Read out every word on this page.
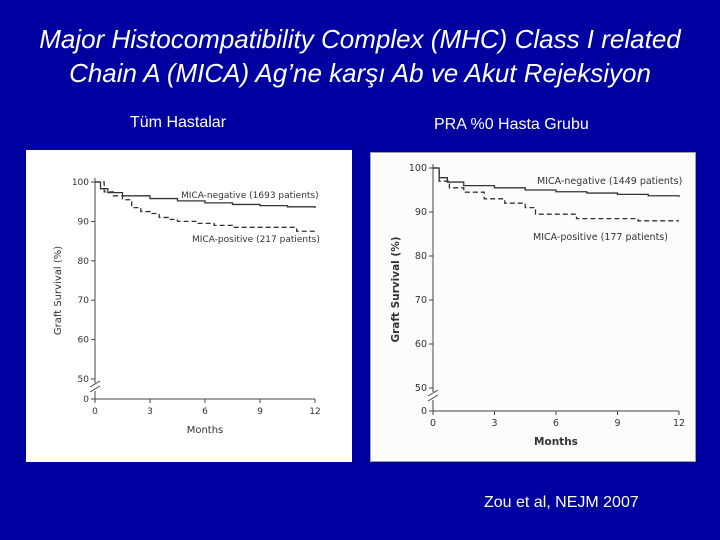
Major Histocompatibility Complex (MHC) Class I related
Chain A (MICA) Ag’ne karşı Ab ve Akut Rejeksiyon
Tüm Hastalar	PRA %0 Hasta Grubu
0
50
60
70
80
90
100
0	3	6	9	12
Months
Graft Survival (%)
MICA-negative (1693 patients)
MICA-positive (217 patients)
0
50
60
70
80
90
100
0	3	6	9	12
Months
Graft Survival (%)
MICA-negative (1449 patients)
MICA-positive (177 patients)
Zou et al, NEJM 2007
